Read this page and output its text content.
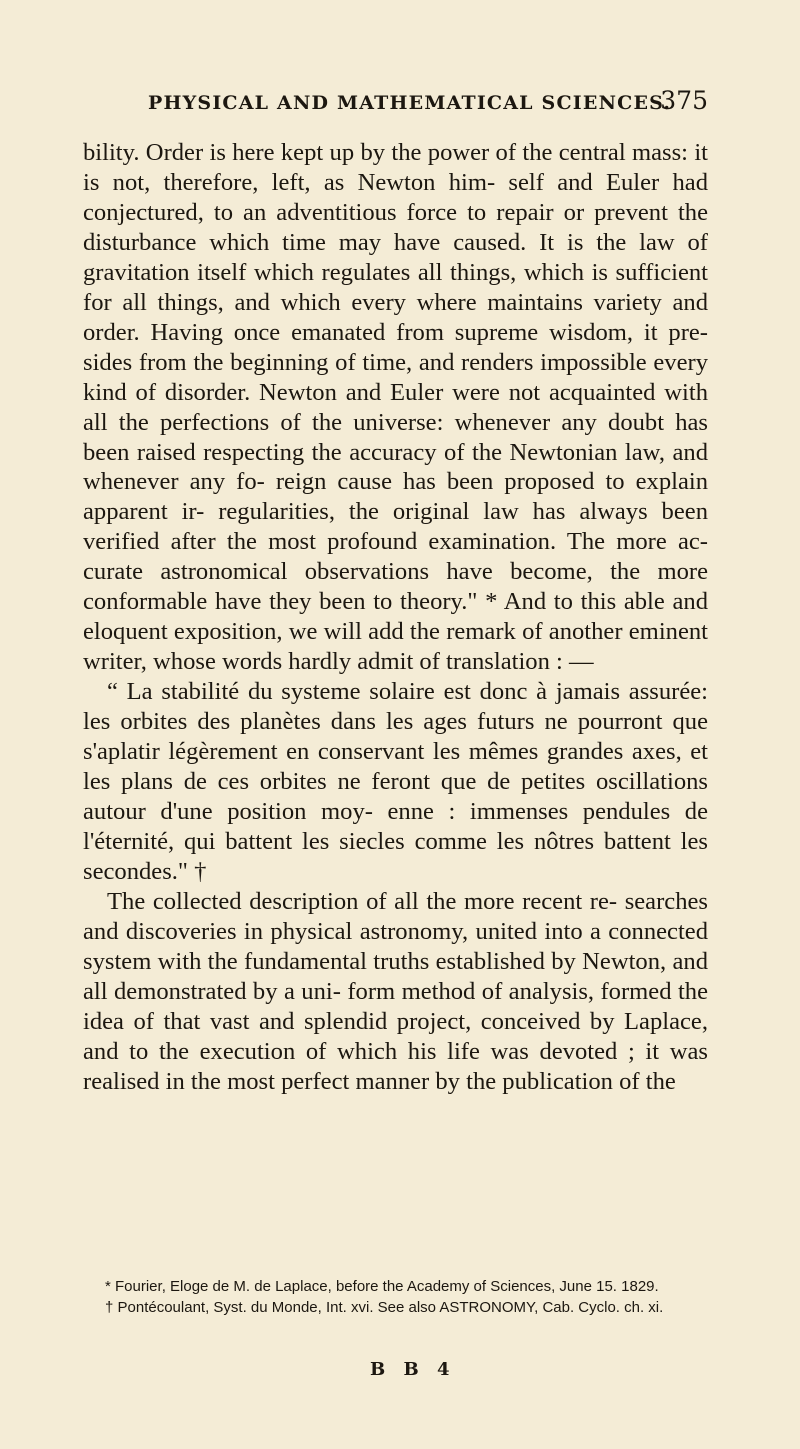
PHYSICAL AND MATHEMATICAL SCIENCES.
375

bility. Order is here kept up by the power of the central mass: it is not, therefore, left, as Newton him- self and Euler had conjectured, to an adventitious force to repair or prevent the disturbance which time may have caused. It is the law of gravitation itself which regulates all things, which is sufficient for all things, and which every where maintains variety and order. Having once emanated from supreme wisdom, it pre- sides from the beginning of time, and renders impossible every kind of disorder. Newton and Euler were not acquainted with all the perfections of the universe: whenever any doubt has been raised respecting the accuracy of the Newtonian law, and whenever any fo- reign cause has been proposed to explain apparent ir- regularities, the original law has always been verified after the most profound examination. The more ac- curate astronomical observations have become, the more conformable have they been to theory." * And to this able and eloquent exposition, we will add the remark of another eminent writer, whose words hardly admit of translation : —

“ La stabilité du systeme solaire est donc à jamais assurée: les orbites des planètes dans les ages futurs ne pourront que s'aplatir légèrement en conservant les mêmes grandes axes, et les plans de ces orbites ne feront que de petites oscillations autour d'une position moy- enne : immenses pendules de l'éternité, qui battent les siecles comme les nôtres battent les secondes." †

The collected description of all the more recent re- searches and discoveries in physical astronomy, united into a connected system with the fundamental truths established by Newton, and all demonstrated by a uni- form method of analysis, formed the idea of that vast and splendid project, conceived by Laplace, and to the execution of which his life was devoted ; it was realised in the most perfect manner by the publication of the

* Fourier, Eloge de M. de Laplace, before the Academy of Sciences, June 15. 1829.

† Pontécoulant, Syst. du Monde, Int. xvi. See also ASTRONOMY, Cab. Cyclo. ch. xi.

B B 4
